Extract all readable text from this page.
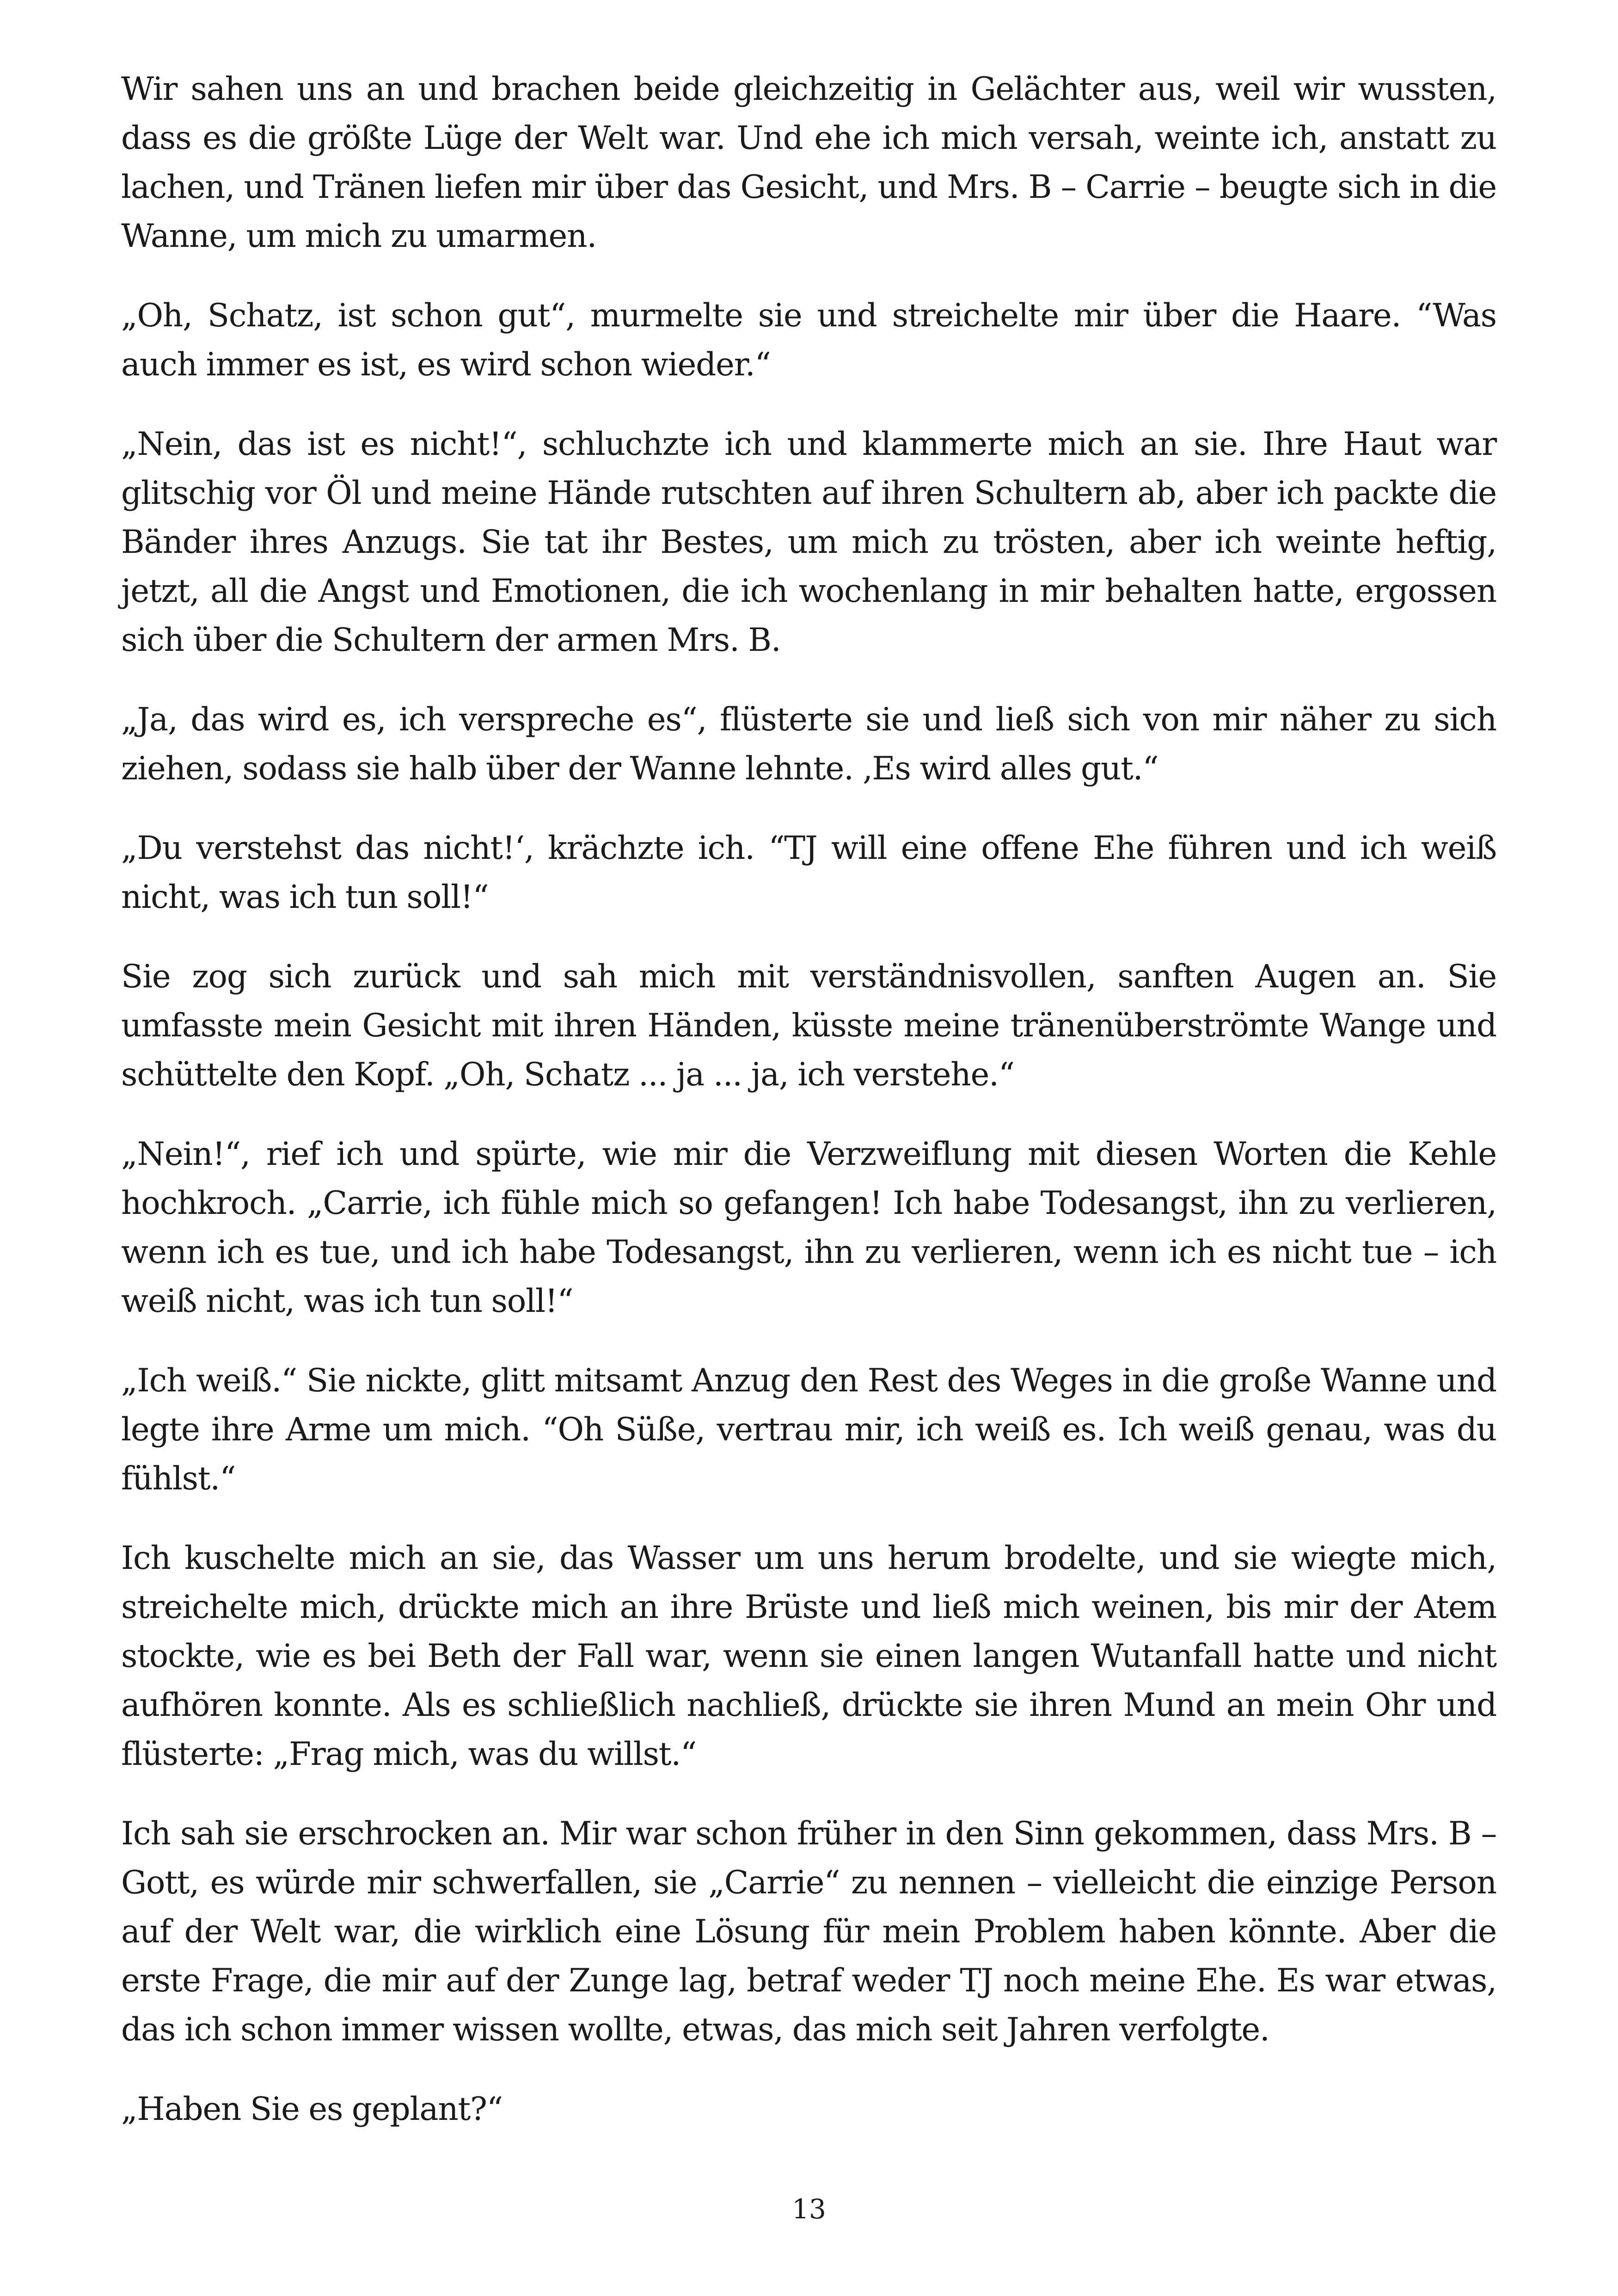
Wir sahen uns an und brachen beide gleichzeitig in Gelächter aus, weil wir wussten, dass es die größte Lüge der Welt war. Und ehe ich mich versah, weinte ich, anstatt zu lachen, und Tränen liefen mir über das Gesicht, und Mrs. B – Carrie – beugte sich in die Wanne, um mich zu umarmen.

„Oh, Schatz, ist schon gut“, murmelte sie und streichelte mir über die Haare. “Was auch immer es ist, es wird schon wieder.“

„Nein, das ist es nicht!“, schluchzte ich und klammerte mich an sie. Ihre Haut war glitschig vor Öl und meine Hände rutschten auf ihren Schultern ab, aber ich packte die Bänder ihres Anzugs. Sie tat ihr Bestes, um mich zu trösten, aber ich weinte heftig, jetzt, all die Angst und Emotionen, die ich wochenlang in mir behalten hatte, ergossen sich über die Schultern der armen Mrs. B.

„Ja, das wird es, ich verspreche es“, flüsterte sie und ließ sich von mir näher zu sich ziehen, sodass sie halb über der Wanne lehnte. ‚Es wird alles gut.“

„Du verstehst das nicht!‘, krächzte ich. “TJ will eine offene Ehe führen und ich weiß nicht, was ich tun soll!“

Sie zog sich zurück und sah mich mit verständnisvollen, sanften Augen an. Sie umfasste mein Gesicht mit ihren Händen, küsste meine tränenüberströmte Wange und schüttelte den Kopf. „Oh, Schatz ... ja ... ja, ich verstehe.“

„Nein!“, rief ich und spürte, wie mir die Verzweiflung mit diesen Worten die Kehle hochkroch. „Carrie, ich fühle mich so gefangen! Ich habe Todesangst, ihn zu verlieren, wenn ich es tue, und ich habe Todesangst, ihn zu verlieren, wenn ich es nicht tue – ich weiß nicht, was ich tun soll!“

„Ich weiß.“ Sie nickte, glitt mitsamt Anzug den Rest des Weges in die große Wanne und legte ihre Arme um mich. “Oh Süße, vertrau mir, ich weiß es. Ich weiß genau, was du fühlst.“

Ich kuschelte mich an sie, das Wasser um uns herum brodelte, und sie wiegte mich, streichelte mich, drückte mich an ihre Brüste und ließ mich weinen, bis mir der Atem stockte, wie es bei Beth der Fall war, wenn sie einen langen Wutanfall hatte und nicht aufhören konnte. Als es schließlich nachließ, drückte sie ihren Mund an mein Ohr und flüsterte: „Frag mich, was du willst.“

Ich sah sie erschrocken an. Mir war schon früher in den Sinn gekommen, dass Mrs. B – Gott, es würde mir schwerfallen, sie „Carrie“ zu nennen – vielleicht die einzige Person auf der Welt war, die wirklich eine Lösung für mein Problem haben könnte. Aber die erste Frage, die mir auf der Zunge lag, betraf weder TJ noch meine Ehe. Es war etwas, das ich schon immer wissen wollte, etwas, das mich seit Jahren verfolgte.

„Haben Sie es geplant?“

13
